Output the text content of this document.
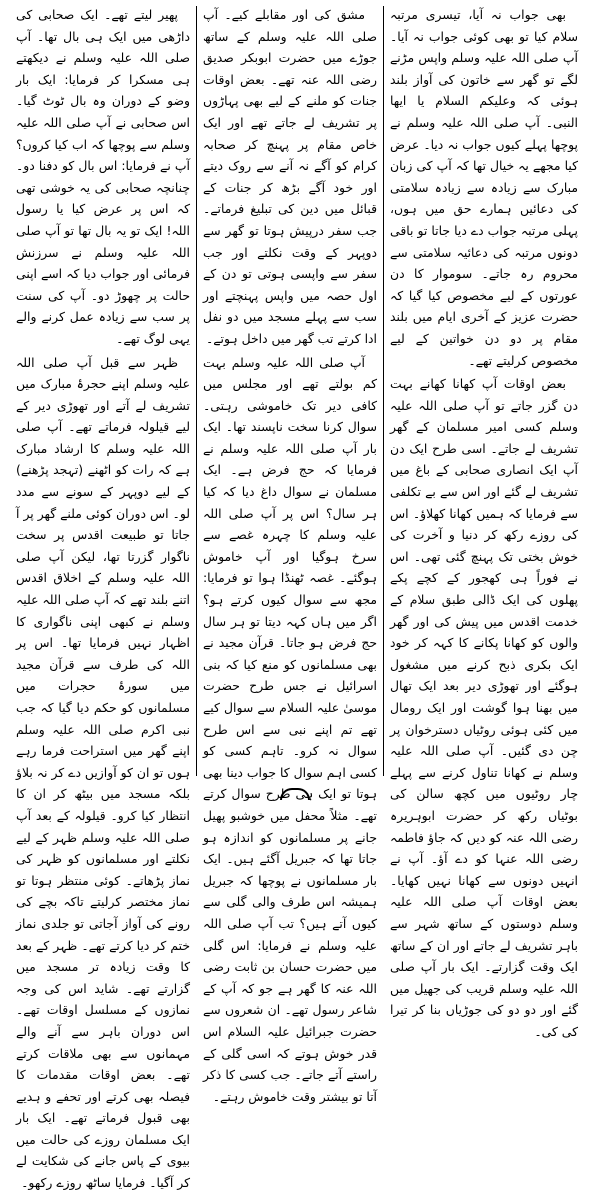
بھی جواب نہ آیا، تیسری مرتبہ سلام کیا تو بھی کوئی جواب نہ آیا۔ آپ صلی اللہ علیہ وسلم واپس مڑنے لگے تو گھر سے خاتون کی آواز بلند ہوئی کہ وعلیکم السلام یا ایھا النبی۔ آپ صلی اللہ علیہ وسلم نے پوچھا پہلے کیوں جواب نہ دیا۔ عرض کیا مجھے یہ خیال تھا کہ آپ کی زبان مبارک سے زیادہ سے زیادہ سلامتی کی دعائیں ہمارے حق میں ہوں، پہلی مرتبہ جواب دے دیا جاتا تو باقی دونوں مرتبہ کی دعائیہ سلامتی سے محروم رہ جاتے۔ سوموار کا دن عورتوں کے لیے مخصوص کیا گیا کہ حضرت عزیز کے آخری ایام میں بلند مقام پر دو دن خواتین کے لیے مخصوص کرلیتے تھے۔

بعض اوقات آپ کھانا کھانے بہت دن گزر جاتے تو آپ صلی اللہ علیہ وسلم کسی امیر مسلمان کے گھر تشریف لے جاتے۔ اسی طرح ایک دن آپ ایک انصاری صحابی کے باغ میں تشریف لے گئے اور اس سے بے تکلفی سے فرمایا کہ ہمیں کھانا کھلاؤ۔ اس کی روزے رکھ کر دنیا و آخرت کی خوش بختی تک پہنچ گئی تھی۔ اس نے فوراً ہی کھجور کے کچے پکے پھلوں کی ایک ڈالی طبق سلام کے خدمت اقدس میں پیش کی اور گھر والوں کو کھانا پکانے کا کہہ کر خود ایک بکری ذبح کرنے میں مشغول ہوگئے اور تھوڑی دیر بعد ایک تھال میں بھنا ہوا گوشت اور ایک رومال میں کئی ہوئی روٹیاں دسترخوان پر چن دی گئیں۔ آپ صلی اللہ علیہ وسلم نے کھانا تناول کرنے سے پہلے چار روٹیوں میں کچھ سالن کی بوٹیاں رکھ کر حضرت ابوہریرہ رضی اللہ عنہ کو دیں کہ جاؤ فاطمہ رضی اللہ عنہا کو دے آؤ۔ آپ نے انہیں دونوں سے کھانا نہیں کھایا۔ بعض اوقات آپ صلی اللہ علیہ وسلم دوستوں کے ساتھ شہر سے باہر تشریف لے جاتے اور ان کے ساتھ ایک وقت گزارتے۔ ایک بار آپ صلی اللہ علیہ وسلم قریب کی جھیل میں گئے اور دو دو کی جوڑیاں بنا کر تیرا کی کی۔

مشق کی اور مقابلے کیے۔ آپ صلی اللہ علیہ وسلم کے ساتھ جوڑے میں حضرت ابوبکر صدیق رضی اللہ عنہ تھے۔ بعض اوقات جنات کو ملنے کے لیے بھی پہاڑوں پر تشریف لے جاتے تھے اور ایک خاص مقام پر پہنچ کر صحابہ کرام کو آگے نہ آنے سے روک دیتے اور خود آگے بڑھ کر جنات کے قبائل میں دین کی تبلیغ فرماتے۔ جب سفر درپیش ہوتا تو گھر سے دوپہر کے وقت نکلتے اور جب سفر سے واپسی ہوتی تو دن کے اول حصہ میں واپس پہنچتے اور سب سے پہلے مسجد میں دو نفل ادا کرتے تب گھر میں داخل ہوتے۔

آپ صلی اللہ علیہ وسلم بہت کم بولتے تھے اور مجلس میں کافی دیر تک خاموشی رہتی۔ سوال کرنا سخت ناپسند تھا۔ ایک بار آپ صلی اللہ علیہ وسلم نے فرمایا کہ حج فرض ہے۔ ایک مسلمان نے سوال داغ دیا کہ کیا ہر سال؟ اس پر آپ صلی اللہ علیہ وسلم کا چہرہ غصے سے سرخ ہوگیا اور آپ خاموش ہوگئے۔ غصہ ٹھنڈا ہوا تو فرمایا: مجھ سے سوال کیوں کرتے ہو؟ اگر میں ہاں کہہ دیتا تو ہر سال حج فرض ہو جاتا۔ قرآن مجید نے بھی مسلمانوں کو منع کیا کہ بنی اسرائیل نے جس طرح حضرت موسیٰ علیہ السلام سے سوال کیے تھے تم اپنے نبی سے اس طرح سوال نہ کرو۔ تاہم کسی کو کسی اہم سوال کا جواب دینا بھی ہوتا تو ایک ہی طرح سوال کرتے تھے۔ مثلاً محفل میں خوشبو پھیل جانے پر مسلمانوں کو اندازہ ہو جاتا تھا کہ جبریل آگئے ہیں۔ ایک بار مسلمانوں نے پوچھا کہ جبریل ہمیشہ اس طرف والی گلی سے کیوں آتے ہیں؟ تب آپ صلی اللہ علیہ وسلم نے فرمایا: اس گلی میں حضرت حسان بن ثابت رضی اللہ عنہ کا گھر ہے جو کہ آپ کے شاعر رسول تھے۔ ان شعروں سے حضرت جبرائیل علیہ السلام اس قدر خوش ہوتے کہ اسی گلی کے راستے آتے جاتے۔ جب کسی کا ذکر آتا تو بیشتر وقت خاموش رہتے۔

پھیر لیتے تھے۔ ایک صحابی کی داڑھی میں ایک ہی بال تھا۔ آپ صلی اللہ علیہ وسلم نے دیکھتے ہی مسکرا کر فرمایا: ایک بار وضو کے دوران وہ بال ٹوٹ گیا۔ اس صحابی نے آپ صلی اللہ علیہ وسلم سے پوچھا کہ اب کیا کروں؟ آپ نے فرمایا: اس بال کو دفنا دو۔ چنانچہ صحابی کی یہ خوشی تھی کہ اس پر عرض کیا یا رسول اللہ! ایک تو یہ بال تھا تو آپ صلی اللہ علیہ وسلم نے سرزنش فرمائی اور جواب دیا کہ اسے اپنی حالت پر چھوڑ دو۔ آپ کی سنت پر سب سے زیادہ عمل کرنے والے یہی لوگ تھے۔

ظہر سے قبل آپ صلی اللہ علیہ وسلم اپنے حجرۂ مبارک میں تشریف لے آتے اور تھوڑی دیر کے لیے قیلولہ فرماتے تھے۔ آپ صلی اللہ علیہ وسلم کا ارشاد مبارک ہے کہ رات کو اٹھنے (تہجد پڑھنے) کے لیے دوپہر کے سونے سے مدد لو۔ اس دوران کوئی ملنے گھر پر آ جاتا تو طبیعت اقدس پر سخت ناگوار گزرتا تھا، لیکن آپ صلی اللہ علیہ وسلم کے اخلاق اقدس اتنے بلند تھے کہ آپ صلی اللہ علیہ وسلم نے کبھی اپنی ناگواری کا اظہار نہیں فرمایا تھا۔ اس پر اللہ کی طرف سے قرآن مجید میں سورۂ حجرات میں مسلمانوں کو حکم دیا گیا کہ جب نبی اکرم صلی اللہ علیہ وسلم اپنے گھر میں استراحت فرما رہے ہوں تو ان کو آوازیں دے کر نہ بلاؤ بلکہ مسجد میں بیٹھ کر ان کا انتظار کیا کرو۔ قیلولہ کے بعد آپ صلی اللہ علیہ وسلم ظہر کے لیے نکلتے اور مسلمانوں کو ظہر کی نماز پڑھاتے۔ کوئی منتظر ہوتا تو نماز مختصر کرلیتے تاکہ بچے کی رونے کی آواز آجاتی تو جلدی نماز ختم کر دیا کرتے تھے۔ ظہر کے بعد کا وقت زیادہ تر مسجد میں گزارتے تھے۔ شاید اس کی وجہ نمازوں کے مسلسل اوقات تھے۔ اس دوران باہر سے آنے والے مہمانوں سے بھی ملاقات کرتے تھے۔ بعض اوقات مقدمات کا فیصلہ بھی کرتے اور تحفے و ہدیے بھی قبول فرماتے تھے۔ ایک بار ایک مسلمان روزے کی حالت میں بیوی کے پاس جانے کی شکایت لے کر آگیا۔ فرمایا ساٹھ روزے رکھو۔
